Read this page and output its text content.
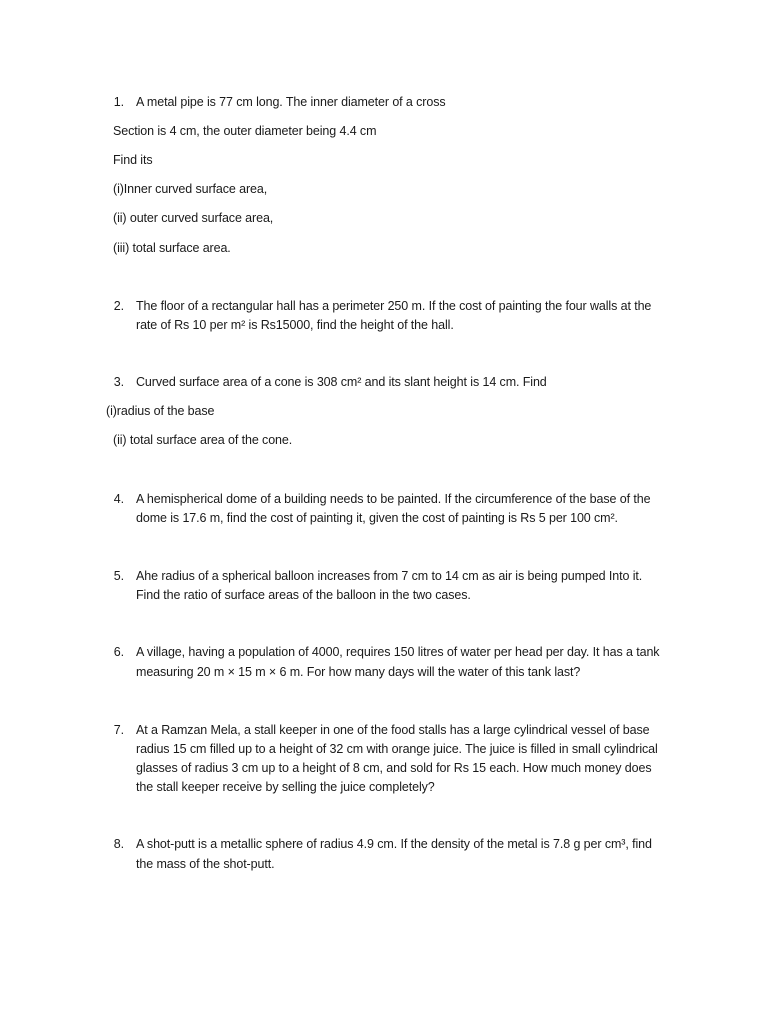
1. A metal pipe is 77 cm long. The inner diameter of a cross
Section is 4 cm, the outer diameter being 4.4 cm
Find its
(i)Inner curved surface area,
(ii) outer curved surface area,
(iii) total surface area.
2. The floor of a rectangular hall has a perimeter 250 m. If the cost of painting the four walls at the
rate of Rs 10 per m² is Rs15000, find the height of the hall.
3. Curved surface area of a cone is 308 cm² and its slant height is 14 cm. Find
(i)radius of the base
(ii) total surface area of the cone.
4. A hemispherical dome of a building needs to be painted. If the circumference of the base of the
dome is 17.6 m, find the cost of painting it, given the cost of painting is Rs 5 per 100 cm².
5. Ahe radius of a spherical balloon increases from 7 cm to 14 cm as air is being pumped Into it.
Find the ratio of surface areas of the balloon in the two cases.
6. A village, having a population of 4000, requires 150 litres of water per head per day. It has a tank
measuring 20 m × 15 m × 6 m. For how many days will the water of this tank last?
7. At a Ramzan Mela, a stall keeper in one of the food stalls has a large cylindrical vessel of base
radius 15 cm filled up to a height of 32 cm with orange juice. The juice is filled in small cylindrical
glasses of radius 3 cm up to a height of 8 cm, and sold for Rs 15 each. How much money does
the stall keeper receive by selling the juice completely?
8. A shot-putt is a metallic sphere of radius 4.9 cm. If the density of the metal is 7.8 g per cm³, find
the mass of the shot-putt.
